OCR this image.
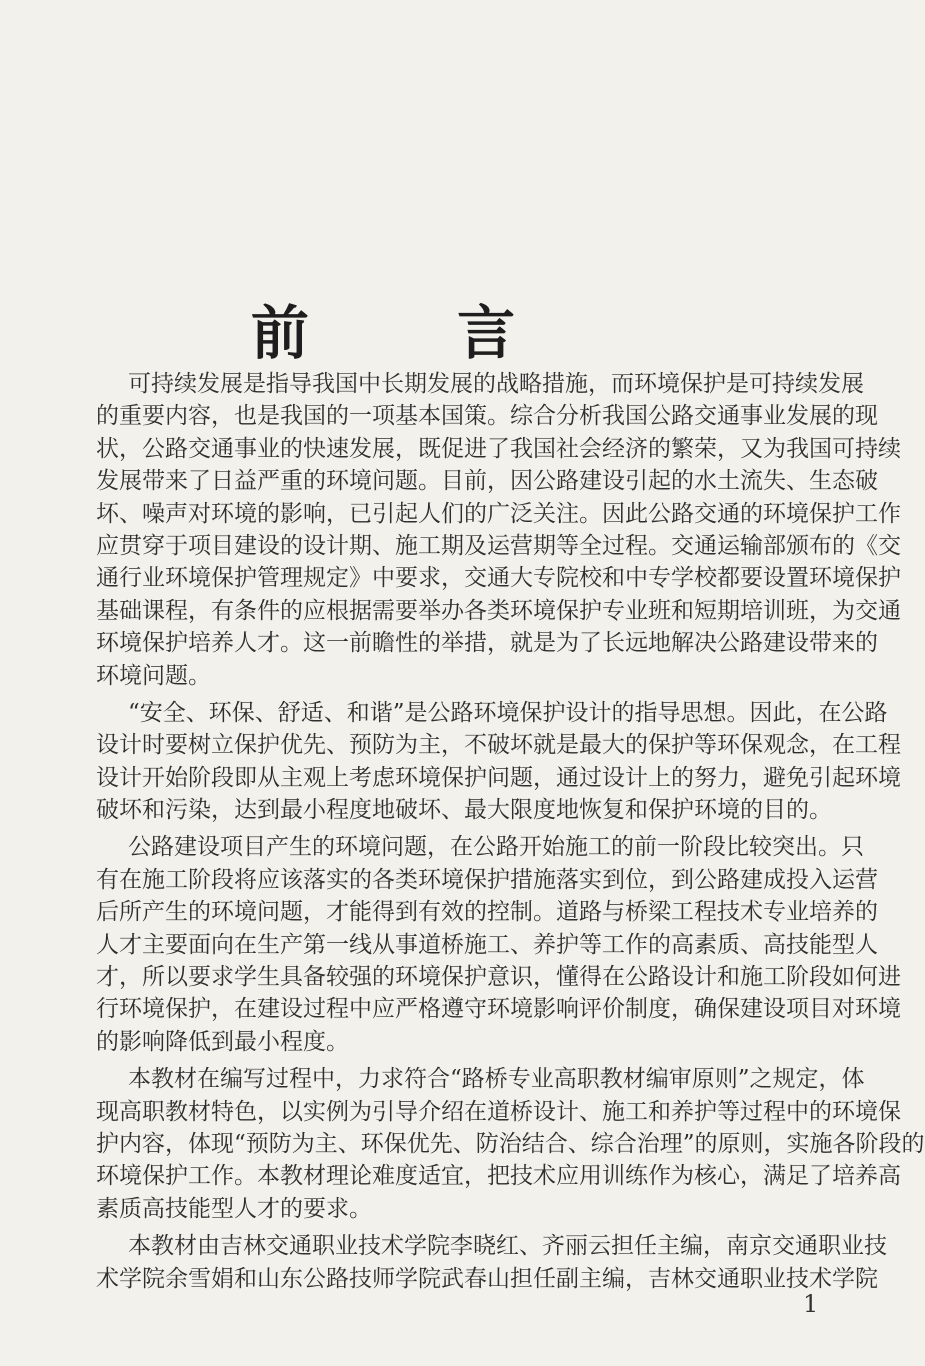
前 言
可持续发展是指导我国中长期发展的战略措施，而环境保护是可持续发展
的重要内容，也是我国的一项基本国策。综合分析我国公路交通事业发展的现
状，公路交通事业的快速发展，既促进了我国社会经济的繁荣，又为我国可持续
发展带来了日益严重的环境问题。目前，因公路建设引起的水土流失、生态破
坏、噪声对环境的影响，已引起人们的广泛关注。因此公路交通的环境保护工作
应贯穿于项目建设的设计期、施工期及运营期等全过程。交通运输部颁布的《交
通行业环境保护管理规定》中要求，交通大专院校和中专学校都要设置环境保护
基础课程，有条件的应根据需要举办各类环境保护专业班和短期培训班，为交通
环境保护培养人才。这一前瞻性的举措，就是为了长远地解决公路建设带来的
环境问题。
“安全、环保、舒适、和谐”是公路环境保护设计的指导思想。因此，在公路
设计时要树立保护优先、预防为主，不破坏就是最大的保护等环保观念，在工程
设计开始阶段即从主观上考虑环境保护问题，通过设计上的努力，避免引起环境
破坏和污染，达到最小程度地破坏、最大限度地恢复和保护环境的目的。
公路建设项目产生的环境问题，在公路开始施工的前一阶段比较突出。只
有在施工阶段将应该落实的各类环境保护措施落实到位，到公路建成投入运营
后所产生的环境问题，才能得到有效的控制。道路与桥梁工程技术专业培养的
人才主要面向在生产第一线从事道桥施工、养护等工作的高素质、高技能型人
才，所以要求学生具备较强的环境保护意识，懂得在公路设计和施工阶段如何进
行环境保护，在建设过程中应严格遵守环境影响评价制度，确保建设项目对环境
的影响降低到最小程度。
本教材在编写过程中，力求符合“路桥专业高职教材编审原则”之规定，体
现高职教材特色，以实例为引导介绍在道桥设计、施工和养护等过程中的环境保
护内容，体现“预防为主、环保优先、防治结合、综合治理”的原则，实施各阶段的
环境保护工作。本教材理论难度适宜，把技术应用训练作为核心，满足了培养高
素质高技能型人才的要求。
本教材由吉林交通职业技术学院李晓红、齐丽云担任主编，南京交通职业技
术学院余雪娟和山东公路技师学院武春山担任副主编，吉林交通职业技术学院
1
